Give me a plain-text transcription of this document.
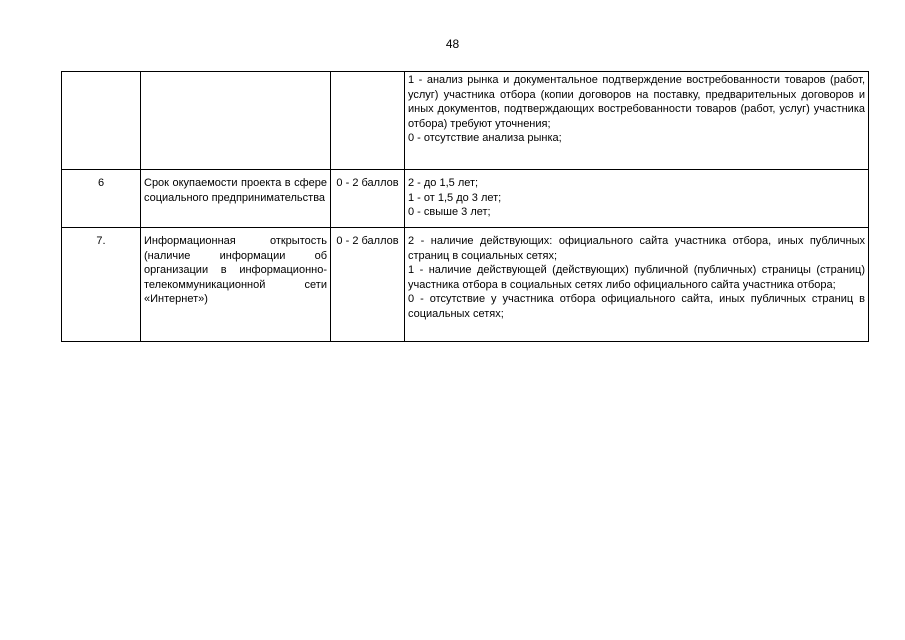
48

			1 - анализ рынка и документальное подтверждение востребованности товаров (работ, услуг) участника отбора (копии договоров на поставку, предварительных договоров и иных документов, подтверждающих востребованности товаров (работ, услуг) участника отбора) требуют уточнения;
0 - отсутствие анализа рынка;

6	Срок окупаемости проекта в сфере социального предпринимательства	0 - 2 баллов	2 - до 1,5 лет;
1 - от 1,5 до 3 лет;
0 - свыше 3 лет;

7.	Информационная открытость (наличие информации об организации в информационно-телекоммуникационной сети «Интернет»)	0 - 2 баллов	2 - наличие действующих: официального сайта участника отбора, иных публичных страниц в социальных сетях;
1 - наличие действующей (действующих) публичной (публичных) страницы (страниц) участника отбора в социальных сетях либо официального сайта участника отбора;
0 - отсутствие у участника отбора официального сайта, иных публичных страниц в социальных сетях;
